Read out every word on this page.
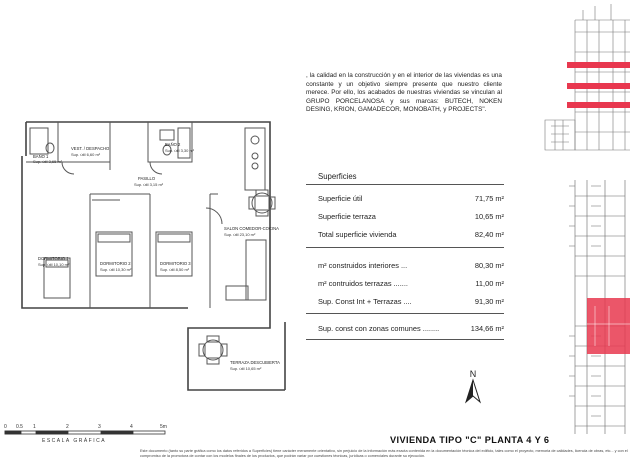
, la calidad en la construcción y en el interior de las viviendas es una constante y un objetivo siempre presente que nuestro cliente merece. Por ello, los acabados de nuestras viviendas se vinculan al GRUPO PORCELANOSA y sus marcas: BUTECH, NOKEN DESING, KRION, GAMADECOR, MONOBATH, y PROJECTS".
Superficies
Superficie útil	71,75 m²
Superficie terraza	10,65 m²
Total superficie vivienda	82,40 m²
m² construidos interiores ...	80,30 m²
m² contruidos terrazas .......	11,00 m²
Sup. Const Int + Terrazas ....	91,30 m²
Sup. const con zonas comunes ........	134,66 m²
BAÑO 1
Sup. útil 3,65 m²
VEST. / DESPACHO
Sup. útil 6,60 m²
BAÑO 2
Sup. útil 3,30 m²
PASILLO
Sup. útil 3,15 m²
DORMITORIO 1
Sup. útil 10,10 m²	DORMITORIO 2
Sup. útil 10,30 m²
DORMITORIO 3
Sup. útil 8,50 m²
SALON COMEDOR-COCINA
Sup. útil 23,10 m²
TERRAZA DESCUBIERTA
Sup. útil 10,65 m²
N
0 0.5 1	2	3	4	5m
ESCALA GRÁFICA	VIVIENDA TIPO "C" PLANTA 4 Y 6
Este documento (tanto su parte gráfica como los datos referidos a Superficies) tiene carácter meramente orientativo, sin perjuicio de la información más exacta contenida en la documentación técnica del edificio, tales como el proyecto, memoria de calidades, licencia de obras, etc... y con el compromiso de la promotora de contar con los modelos finales de los productos, que podrán variar por cuestiones técnicas, jurídicas o comerciales durante su ejecución.
